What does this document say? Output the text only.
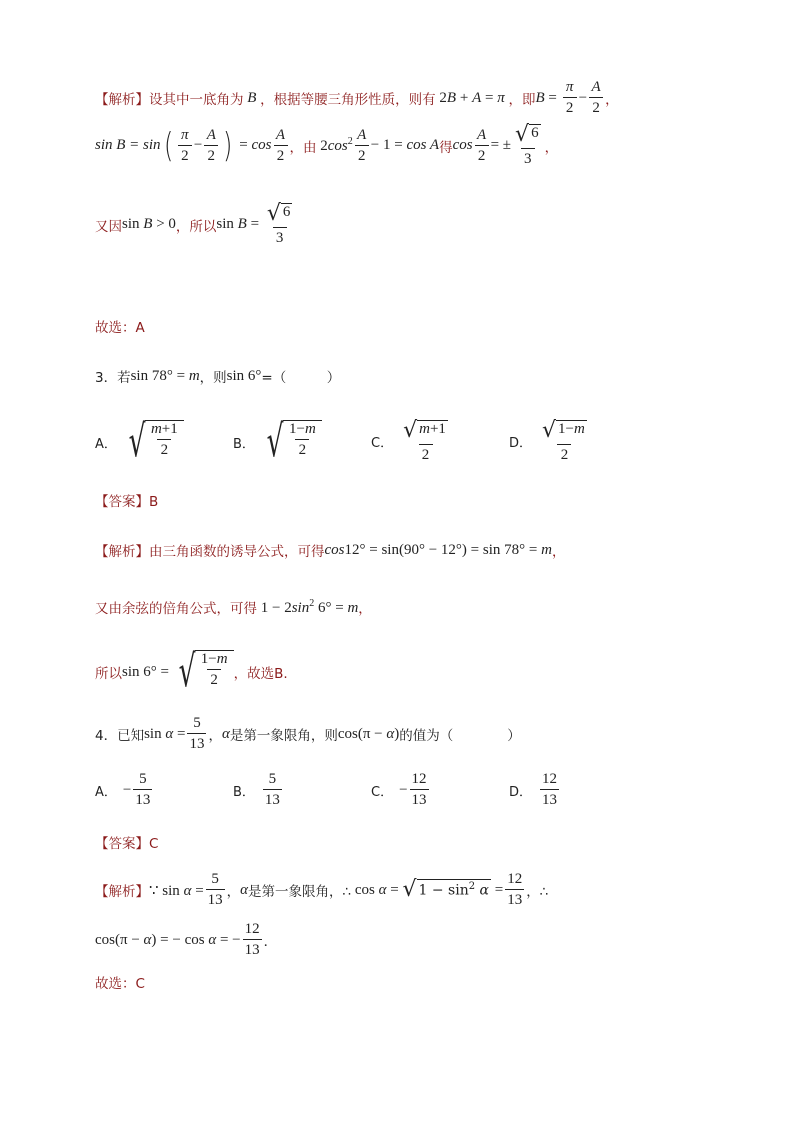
【解析】 设其中一底角为 B ，根据等腰三角形性质，则有 2B + A = π ，即 $B = \frac{\pi}{2} - \frac{A}{2}$ ，
sin B = sin ( $\frac{\pi}{2} - \frac{A}{2}$ ) = $\cos \frac{A}{2}$ ，由 $2\cos^2 \frac{A}{2} - 1 = \cos A$ 得 $\cos \frac{A}{2}$ = ± $\frac{√ 6}{3}$ ，
又因 sin B > 0 ，所以 $\sin B = \frac{√ 6}{3}$
故选：A
3．若 sin 78° = m ，则 sin 6° =（　　　）
A． √ $\frac{m+1}{2}$	B． √ $\frac{1-m}{2}$	C． $\frac{√ m+1}{2}$	D． $\frac{√ 1-m}{2}$
【答案】B
【解析】 由三角函数的诱导公式，可得 cos12° = sin(90° − 12°) = sin 78° = m ，
又由余弦的倍角公式，可得 $1 - 2\sin^2$ 6° = m ，
所以 sin 6° = √ $\frac{1-m}{2}$ ，故选B.
4．已知 $\sin \alpha = \frac{5}{13}$ ， α 是第一象限角，则 cos(π − α) 的值为（　　　　）
A． − $\frac{5}{13}$	B． $\frac{5}{13}$	C． − $\frac{12}{13}$	D． $\frac{12}{13}$
【答案】C
【解析】 ∵ $\sin \alpha = \frac{5}{13}$ ， α 是第一象限角，∴ cos α = √ $1 - \sin^2 \alpha = \frac{12}{13}$ ，∴
cos(π − α) = − cos α = − $\frac{12}{13}$ ．
故选：C
